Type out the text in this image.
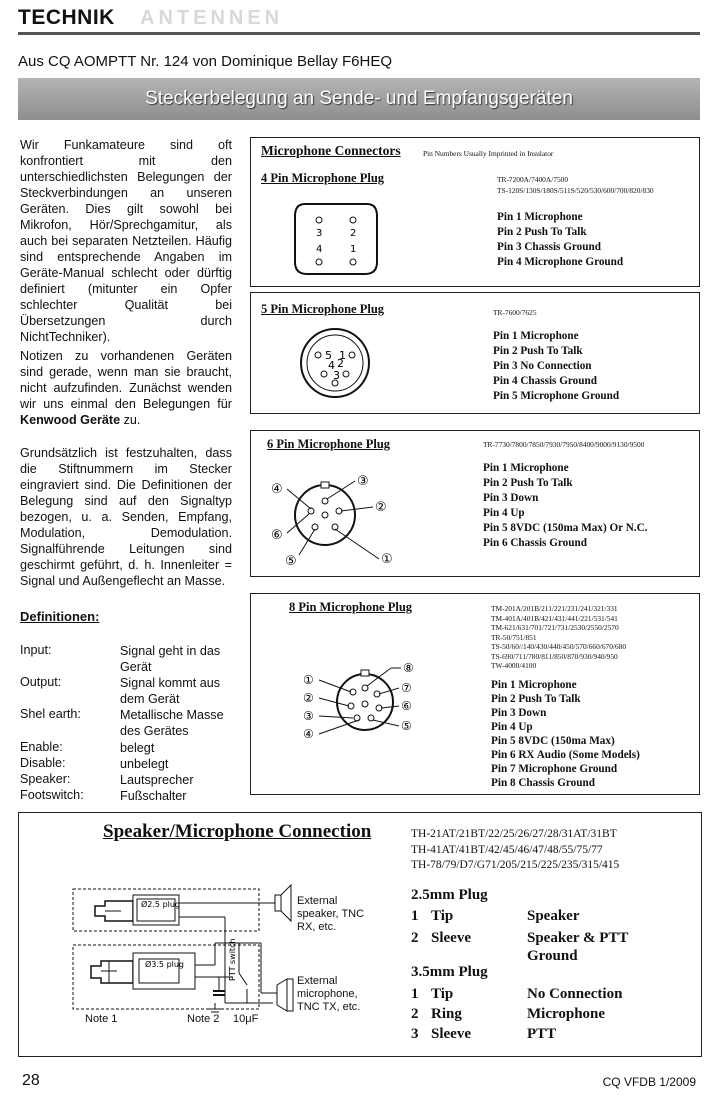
TECHNIK ANTENNEN
Aus CQ AOMPTT Nr. 124 von Dominique Bellay F6HEQ
Steckerbelegung an Sende- und Empfangsgeräten
Wir Funkamateure sind oft konfrontiert mit den unterschiedlichsten Belegungen der Steckverbindungen an unseren Geräten. Dies gilt sowohl bei Mikrofon, Hör/Sprechgamitur, als auch bei separaten Netzteilen. Häufig sind entsprechende Angaben im Geräte-Manual schlecht oder dürftig definiert (mitunter ein Opfer schlechter Qualität bei Übersetzungen durch NichtTechniker).
Notizen zu vorhandenen Geräten sind gerade, wenn man sie braucht, nicht aufzufinden. Zunächst wenden wir uns einmal den Belegungen für Kenwood Geräte zu.
Grundsätzlich ist festzuhalten, dass die Stiftnummern im Stecker eingraviert sind. Die Definitionen der Belegung sind auf den Signaltyp bezogen, u. a. Senden, Empfang, Modulation, Demodulation. Signalführende Leitungen sind geschirmt geführt, d. h. Innenleiter = Signal und Außengeflecht an Masse.
Definitionen:
Input:	Signal geht in das Gerät
Output:	Signal kommt aus dem Gerät
Shel earth:	Metallische Masse des Gerätes
Enable:	belegt
Disable:	unbelegt
Speaker:	Lautsprecher
Footswitch:	Fußschalter
Microphone Connectors	Pin Numbers Usually Imprinted in Insulator
4 Pin Microphone Plug	TR-7200A/7400A/7500
TS-120S/130S/180S/511S/520/530/600/700/820/830
Pin 1 Microphone
Pin 2 Push To Talk
Pin 3 Chassis Ground
Pin 4 Microphone Ground
3	2
4	1
5 Pin Microphone Plug	TR-7600/7625
Pin 1 Microphone
Pin 2 Push To Talk
Pin 3 No Connection
Pin 4 Chassis Ground
Pin 5 Microphone Ground
5 1
4 2
3
6 Pin Microphone Plug	TR-7730/7800/7850/7930/7950/8400/9000/9130/9500
Pin 1 Microphone
Pin 2 Push To Talk
Pin 3 Down
Pin 4 Up
Pin 5 8VDC (150ma Max) Or N.C.
Pin 6 Chassis Ground
④
③
②
⑥
⑤	①
8 Pin Microphone Plug	TM-201A/201B/211/221/231/241/321/331
TM-401A/401B/421/431/441/221/531/541
TM-621/631/701/721/731/2530/2550/2570
TR-50/751/851
TS-50/60//140/430/440/450/570/660/670/680
TS-690/711/780/811/850/870/930/940/950
TW-4000/4100
Pin 1 Microphone
Pin 2 Push To Talk
Pin 3 Down
Pin 4 Up
Pin 5 8VDC (150ma Max)
Pin 6 RX Audio (Some Models)
Pin 7 Microphone Ground
Pin 8 Chassis Ground
⑧
①
⑦
②
⑥
③
⑤
④
Speaker/Microphone Connection	TH-21AT/21BT/22/25/26/27/28/31AT/31BT
TH-41AT/41BT/42/45/46/47/48/55/75/77
TH-78/79/D7/G71/205/215/225/235/315/415
2.5mm Plug
1 Tip	Speaker
2 Sleeve	Speaker & PTT Ground
3.5mm Plug
1 Tip	No Connection
2 Ring	Microphone
3 Sleeve	PTT
Ø2.5 plug
Ø3.5 plug	PTT switch
External speaker, TNC RX, etc.
External microphone, TNC TX, etc.
Note 1	Note 2 10μF
28	CQ VFDB 1/2009
